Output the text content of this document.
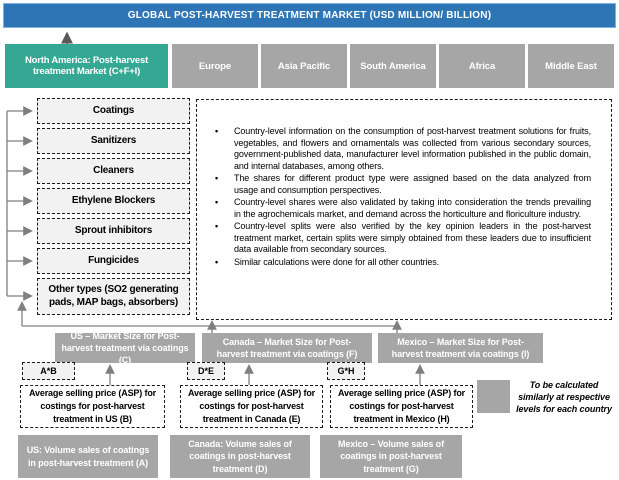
GLOBAL POST-HARVEST TREATMENT MARKET (USD MILLION/ BILLION)
North America: Post-harvest treatment Market (C+F+I)	Europe	Asia Pacific	South America	Africa	Middle East
Coatings
Sanitizers
Cleaners
Ethylene Blockers
Sprout inhibitors
Fungicides
Other types (SO2 generating pads, MAP bags, absorbers)
• Country-level information on the consumption of post-harvest treatment solutions for fruits, vegetables, and flowers and ornamentals was collected from various secondary sources, government-published data, manufacturer level information published in the public domain, and internal databases, among others.
• The shares for different product type were assigned based on the data analyzed from usage and consumption perspectives.
• Country-level shares were also validated by taking into consideration the trends prevailing in the agrochemicals market, and demand across the horticulture and floriculture industry.
• Country-level splits were also verified by the key opinion leaders in the post-harvest treatment market, certain splits were simply obtained from these leaders due to insufficient data available from secondary sources.
• Similar calculations were done for all other countries.
US – Market Size for Post-harvest treatment via coatings (C)
Canada – Market Size for Post-harvest treatment via coatings (F)
Mexico – Market Size for Post-harvest treatment via coatings (I)
A*B	D*E	G*H
Average selling price (ASP) for costings for post-harvest treatment in US (B)
Average selling price (ASP) for costings for post-harvest treatment in Canada (E)
Average selling price (ASP) for costings for post-harvest treatment in Mexico (H)
US: Volume sales of coatings in post-harvest treatment (A)
Canada: Volume sales of coatings in post-harvest treatment (D)
Mexico – Volume sales of coatings in post-harvest treatment (G)
To be calculated similarly at respective levels for each country
